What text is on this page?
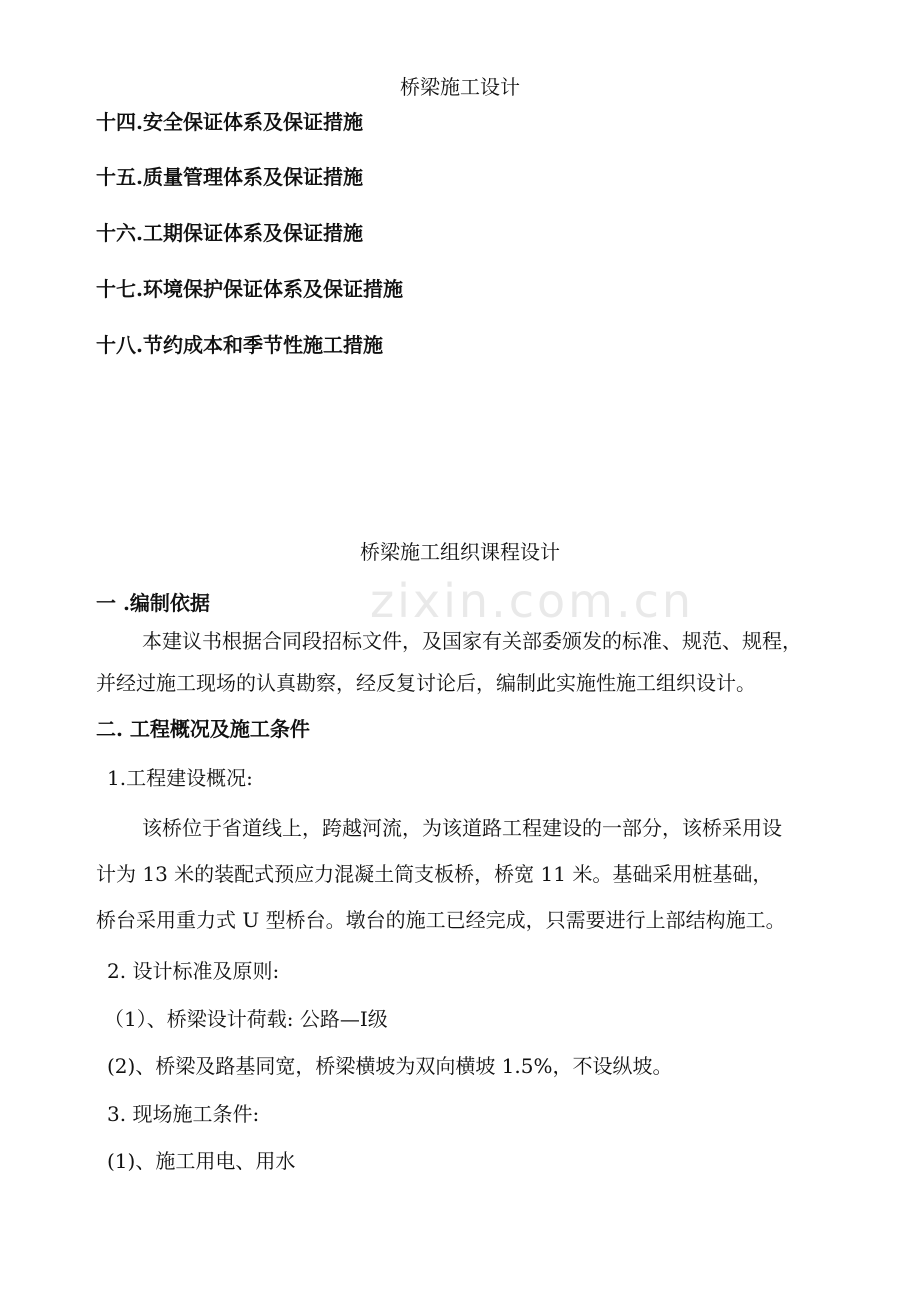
zixin.com.cn
桥梁施工设计
十四.安全保证体系及保证措施
十五.质量管理体系及保证措施
十六.工期保证体系及保证措施
十七.环境保护保证体系及保证措施
十八.节约成本和季节性施工措施
桥梁施工组织课程设计
一 .编制依据
本建议书根据合同段招标文件，及国家有关部委颁发的标准、规范、规程，
并经过施工现场的认真勘察，经反复讨论后，编制此实施性施工组织设计。
二. 工程概况及施工条件
1.工程建设概况:
该桥位于省道线上，跨越河流，为该道路工程建设的一部分，该桥采用设
计为 13 米的装配式预应力混凝土筒支板桥，桥宽 11 米。基础采用桩基础，
桥台采用重力式 U 型桥台。墩台的施工已经完成，只需要进行上部结构施工。
2. 设计标准及原则:
（1）、桥梁设计荷载: 公路—Ⅰ级
(2)、桥梁及路基同宽，桥梁横坡为双向横坡 1.5%，不设纵坡。
3. 现场施工条件:
(1)、施工用电、用水
